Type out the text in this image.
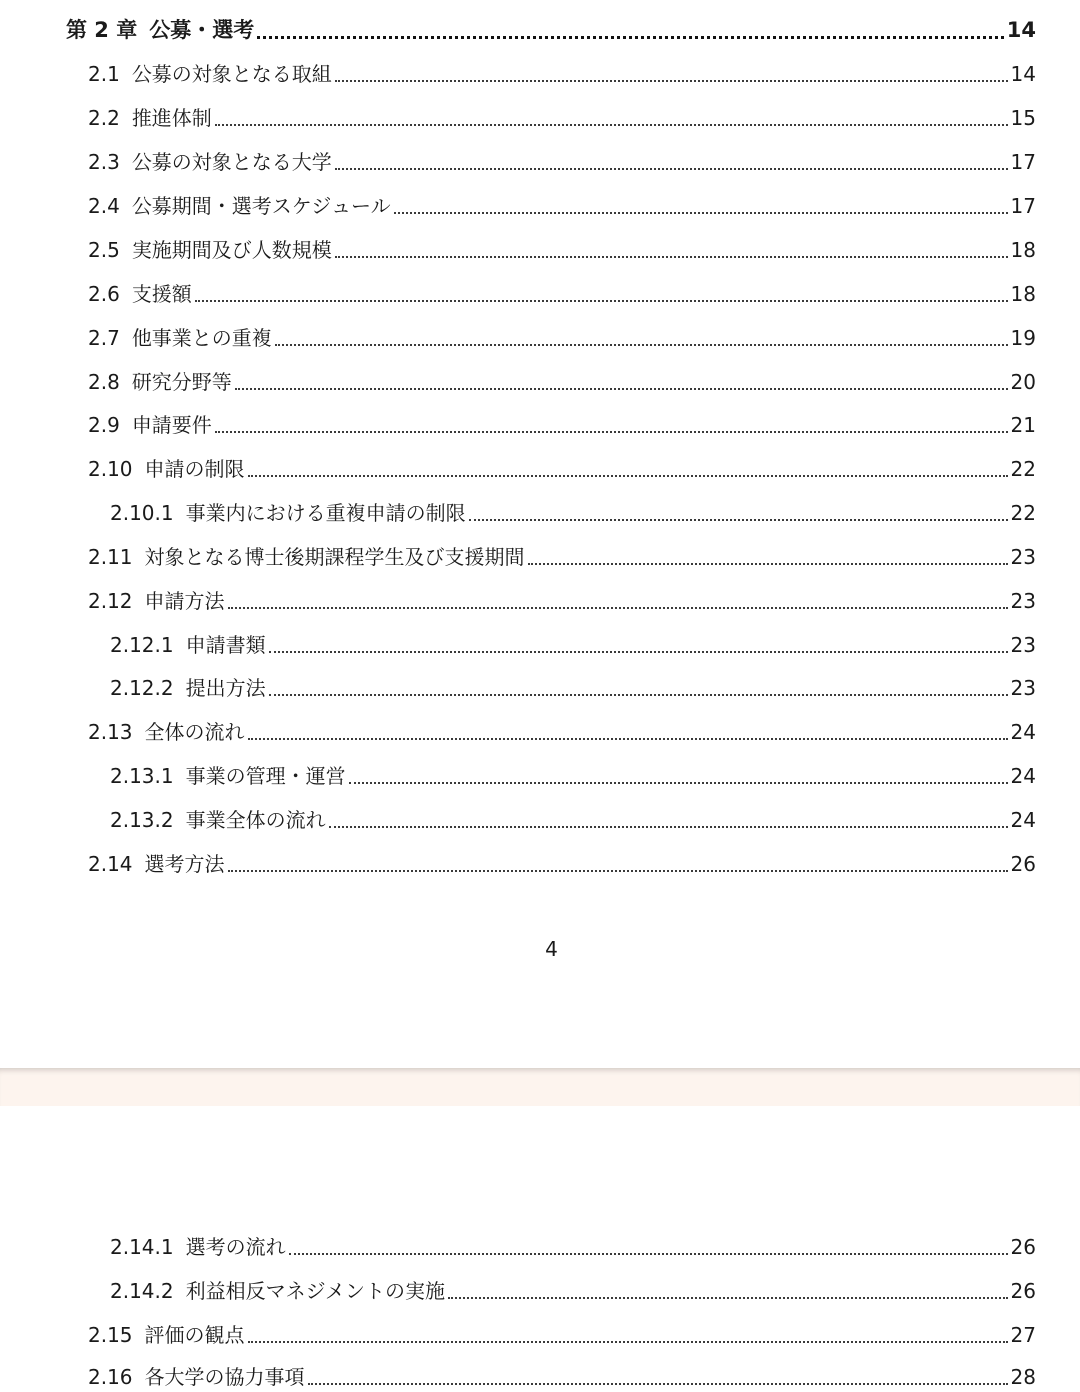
第 2 章 公募・選考	14
2.1 公募の対象となる取組	14
2.2 推進体制	15
2.3 公募の対象となる大学	17
2.4 公募期間・選考スケジュール	17
2.5 実施期間及び人数規模	18
2.6 支援額	18
2.7 他事業との重複	19
2.8 研究分野等	20
2.9 申請要件	21
2.10 申請の制限	22
2.10.1 事業内における重複申請の制限	22
2.11 対象となる博士後期課程学生及び支援期間	23
2.12 申請方法	23
2.12.1 申請書類	23
2.12.2 提出方法	23
2.13 全体の流れ	24
2.13.1 事業の管理・運営	24
2.13.2 事業全体の流れ	24
2.14 選考方法	26
4
2.14.1 選考の流れ	26
2.14.2 利益相反マネジメントの実施	26
2.15 評価の観点	27
2.16 各大学の協力事項	28
